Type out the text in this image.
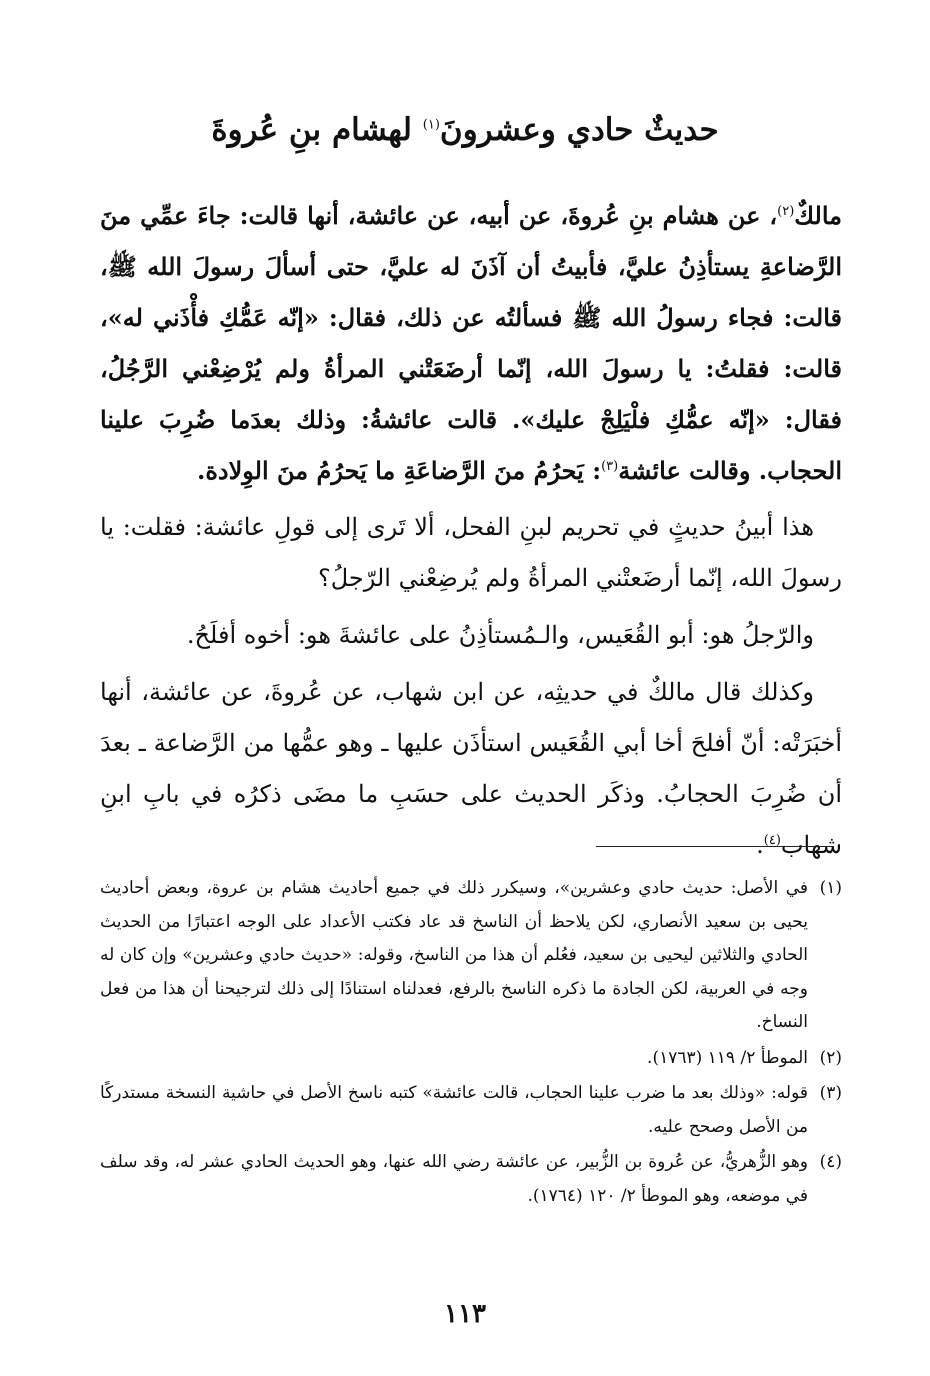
حديثٌ حادي وعشرونَ$^{(١)}$ لهشام بنِ عُروةَ

مالكٌ$^{(٢)}$، عن هشام بنِ عُروةَ، عن أبيه، عن عائشة، أنها قالت: جاءَ عمِّي منَ الرَّضاعةِ يستأذِنُ عليَّ، فأبيتُ أن آذَنَ له عليَّ، حتى أسألَ رسولَ الله ﷺ، قالت: فجاء رسولُ الله ﷺ فسألتُه عن ذلك، فقال: «إنّه عَمُّكِ فأْذَني له»، قالت: فقلتُ: يا رسولَ الله، إنّما أرضَعَتْني المرأةُ ولم يُرْضِعْني الرَّجُلُ، فقال: «إنّه عمُّكِ فلْيَلِجْ عليك». قالت عائشةُ: وذلك بعدَما ضُرِبَ علينا الحجاب. وقالت عائشة$^{(٣)}$: يَحرُمُ منَ الرَّضاعَةِ ما يَحرُمُ منَ الوِلادة.

هذا أبينُ حديثٍ في تحريم لبنِ الفحل، ألا تَرى إلى قولِ عائشة: فقلت: يا رسولَ الله، إنّما أرضَعتْني المرأةُ ولم يُرضِعْني الرّجلُ؟

والرّجلُ هو: أبو القُعَيس، والـمُستأذِنُ على عائشةَ هو: أخوه أفلَحُ.

وكذلك قال مالكٌ في حديثِه، عن ابن شهاب، عن عُروةَ، عن عائشة، أنها أخبَرَتْه: أنّ أفلحَ أخا أبي القُعَيس استأذَن عليها ـ وهو عمُّها من الرَّضاعة ـ بعدَ أن ضُرِبَ الحجابُ. وذكَر الحديث على حسَبِ ما مضَى ذكرُه في بابِ ابنِ شهاب$^{(٤)}$.

(١)في الأصل: حديث حادي وعشرين»، وسيكرر ذلك في جميع أحاديث هشام بن عروة، وبعض أحاديث يحيى بن سعيد الأنصاري، لكن يلاحظ أن الناسخ قد عاد فكتب الأعداد على الوجه اعتبارًا من الحديث الحادي والثلاثين ليحيى بن سعيد، فعُلم أن هذا من الناسخ، وقوله: «حديث حادي وعشرين» وإن كان له وجه في العربية، لكن الجادة ما ذكره الناسخ بالرفع، فعدلناه استنادًا إلى ذلك لترجيحنا أن هذا من فعل النساخ.

(٢)الموطأ ٢/ ١١٩ (١٧٦٣).

(٣)قوله: «وذلك بعد ما ضرب علينا الحجاب، قالت عائشة» كتبه ناسخ الأصل في حاشية النسخة مستدركًا من الأصل وصحح عليه.

(٤)وهو الزُّهريُّ، عن عُروة بن الزُّبير، عن عائشة رضي الله عنها، وهو الحديث الحادي عشر له، وقد سلف في موضعه، وهو الموطأ ٢/ ١٢٠ (١٧٦٤).

١١٣
